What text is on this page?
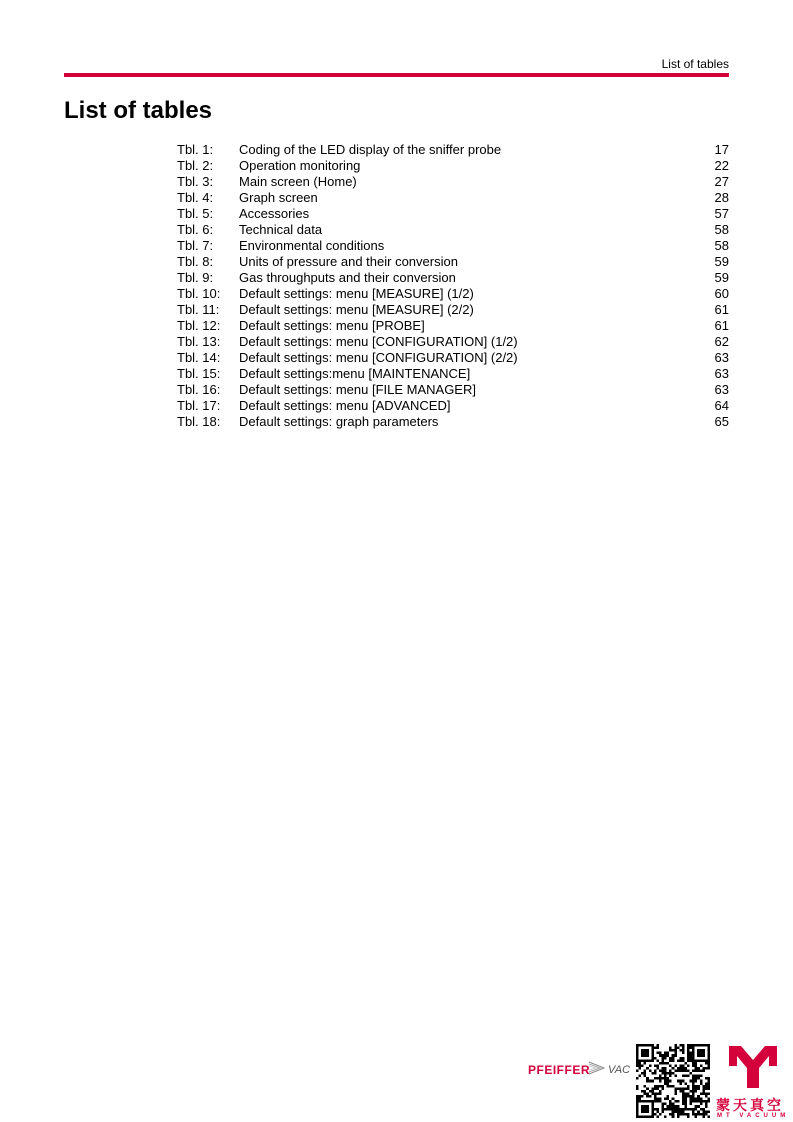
List of tables
List of tables
Tbl. 1: Coding of the LED display of the sniffer probe	17
Tbl. 2: Operation monitoring	22
Tbl. 3: Main screen (Home)	27
Tbl. 4: Graph screen	28
Tbl. 5: Accessories	57
Tbl. 6: Technical data	58
Tbl. 7: Environmental conditions	58
Tbl. 8: Units of pressure and their conversion	59
Tbl. 9: Gas throughputs and their conversion	59
Tbl. 10: Default settings: menu [MEASURE] (1/2)	60
Tbl. 11: Default settings: menu [MEASURE] (2/2)	61
Tbl. 12: Default settings: menu [PROBE]	61
Tbl. 13: Default settings: menu [CONFIGURATION] (1/2)	62
Tbl. 14: Default settings: menu [CONFIGURATION] (2/2)	63
Tbl. 15: Default settings:menu [MAINTENANCE]	63
Tbl. 16: Default settings: menu [FILE MANAGER]	63
Tbl. 17: Default settings: menu [ADVANCED]	64
Tbl. 18: Default settings: graph parameters	65
PFEIFFER VAC
蒙天真空
MT VACUUM
